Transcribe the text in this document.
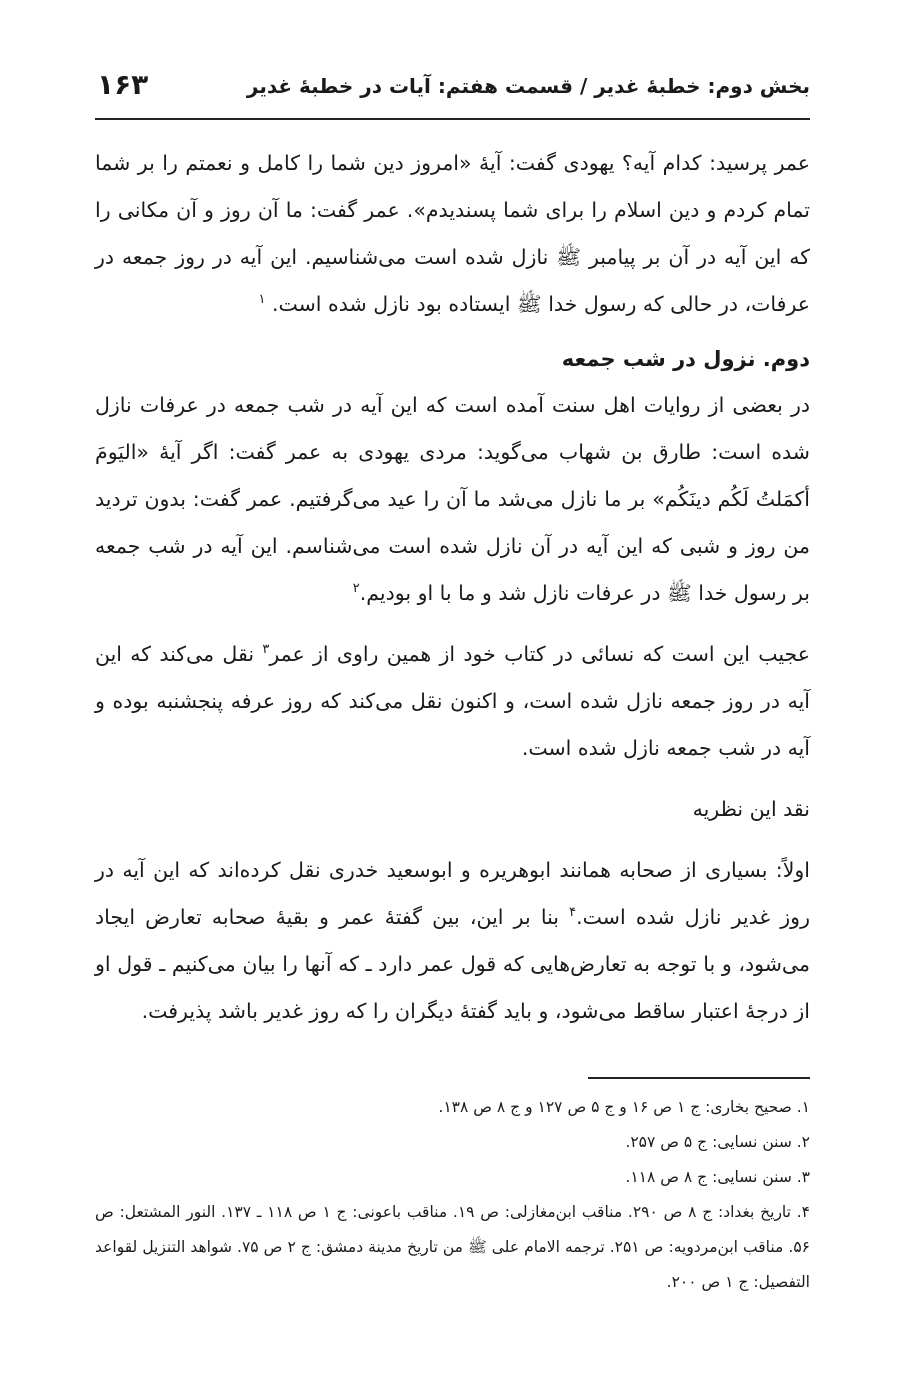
بخش دوم: خطبهٔ غدیر / قسمت هفتم: آیات در خطبهٔ غدیر
۱۶۳

عمر پرسید: کدام آیه؟ یهودی گفت: آیهٔ «امروز دین شما را کامل و نعمتم را بر شما تمام کردم و دین اسلام را برای شما پسندیدم». عمر گفت: ما آن روز و آن مکانی را که این آیه در آن بر پیامبر ﷺ نازل شده است می‌شناسیم. این آیه در روز جمعه در عرفات، در حالی که رسول خدا ﷺ ایستاده بود نازل شده است. $^۱$

دوم. نزول در شب جمعه

در بعضی از روایات اهل سنت آمده است که این آیه در شب جمعه در عرفات نازل شده است: طارق بن شهاب می‌گوید: مردی یهودی به عمر گفت: اگر آیهٔ «الیَومَ أکمَلتُ لَکُم دینَکُم» بر ما نازل می‌شد ما آن را عید می‌گرفتیم. عمر گفت: بدون تردید من روز و شبی که این آیه در آن نازل شده است می‌شناسم. این آیه در شب جمعه بر رسول خدا ﷺ در عرفات نازل شد و ما با او بودیم.$^۲$

عجیب این است که نسائی در کتاب خود از همین راوی از عمر$^۳$ نقل می‌کند که این آیه در روز جمعه نازل شده است، و اکنون نقل می‌کند که روز عرفه پنجشنبه بوده و آیه در شب جمعه نازل شده است.

نقد این نظریه

اولاً: بسیاری از صحابه همانند ابوهریره و ابوسعید خدری نقل کرده‌اند که این آیه در روز غدیر نازل شده است.$^۴$ بنا بر این، بین گفتهٔ عمر و بقیهٔ صحابه تعارض ایجاد می‌شود، و با توجه به تعارض‌هایی که قول عمر دارد ـ که آنها را بیان می‌کنیم ـ قول او از درجهٔ اعتبار ساقط می‌شود، و باید گفتهٔ دیگران را که روز غدیر باشد پذیرفت.

۱. صحیح بخاری: ج ۱ ص ۱۶ و ج ۵ ص ۱۲۷ و ج ۸ ص ۱۳۸.

۲. سنن نسایی: ج ۵ ص ۲۵۷.

۳. سنن نسایی: ج ۸ ص ۱۱۸.

۴. تاریخ بغداد: ج ۸ ص ۲۹۰. مناقب ابن‌مغازلی: ص ۱۹. مناقب باعونی: ج ۱ ص ۱۱۸ ـ ۱۳۷. النور المشتعل: ص ۵۶. مناقب ابن‌مردویه: ص ۲۵۱. ترجمه الامام علی ﷺ من تاریخ مدینة دمشق: ج ۲ ص ۷۵. شواهد التنزیل لقواعد التفصیل: ج ۱ ص ۲۰۰.
